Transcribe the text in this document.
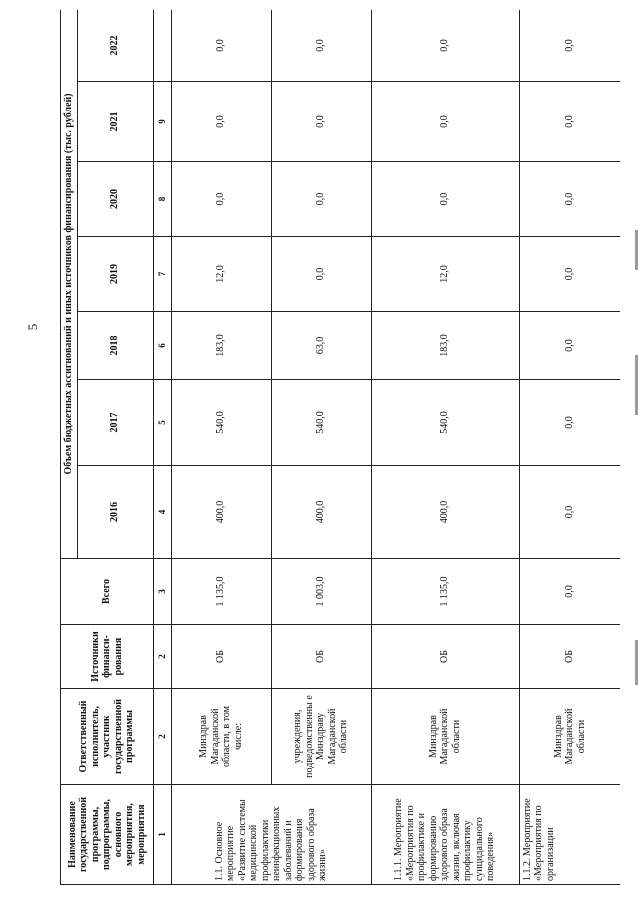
5
Наименование государственной программы, подпрограммы, основного мероприятия, мероприятия	Ответственный исполнитель, участник государственной программы	Источники финанси-рования	Всего	Объем бюджетных ассигнований и иных источников финансирования (тыс. рублей)						
				2016	2017	2018	2019	2020	2021	2022
1	2	2	3	4	5	6	7	8	9	
1.1. Основное мероприятие «Развитие системы медицинской профилактики неинфекционных заболеваний и формирования здорового образа жизни»	Минздрав Магаданской области, в том числе:	ОБ	1 135,0	400,0	540,0	183,0	12,0	0,0	0,0	0,0
	учреждения, подведомственны е Минздраву Магаданской области	ОБ	1 003,0	400,0	540,0	63,0	0,0	0,0	0,0	0,0
1.1.1. Мероприятие «Мероприятия по профилактике и формированию здорового образа жизни, включая профилактику суицидального поведения»	Минздрав Магаданской области	ОБ	1 135,0	400,0	540,0	183,0	12,0	0,0	0,0	0,0
1.1.2. Мероприятие «Мероприятия по организации	Минздрав Магаданской области	ОБ	0,0	0,0	0,0	0,0	0,0	0,0	0,0	0,0
